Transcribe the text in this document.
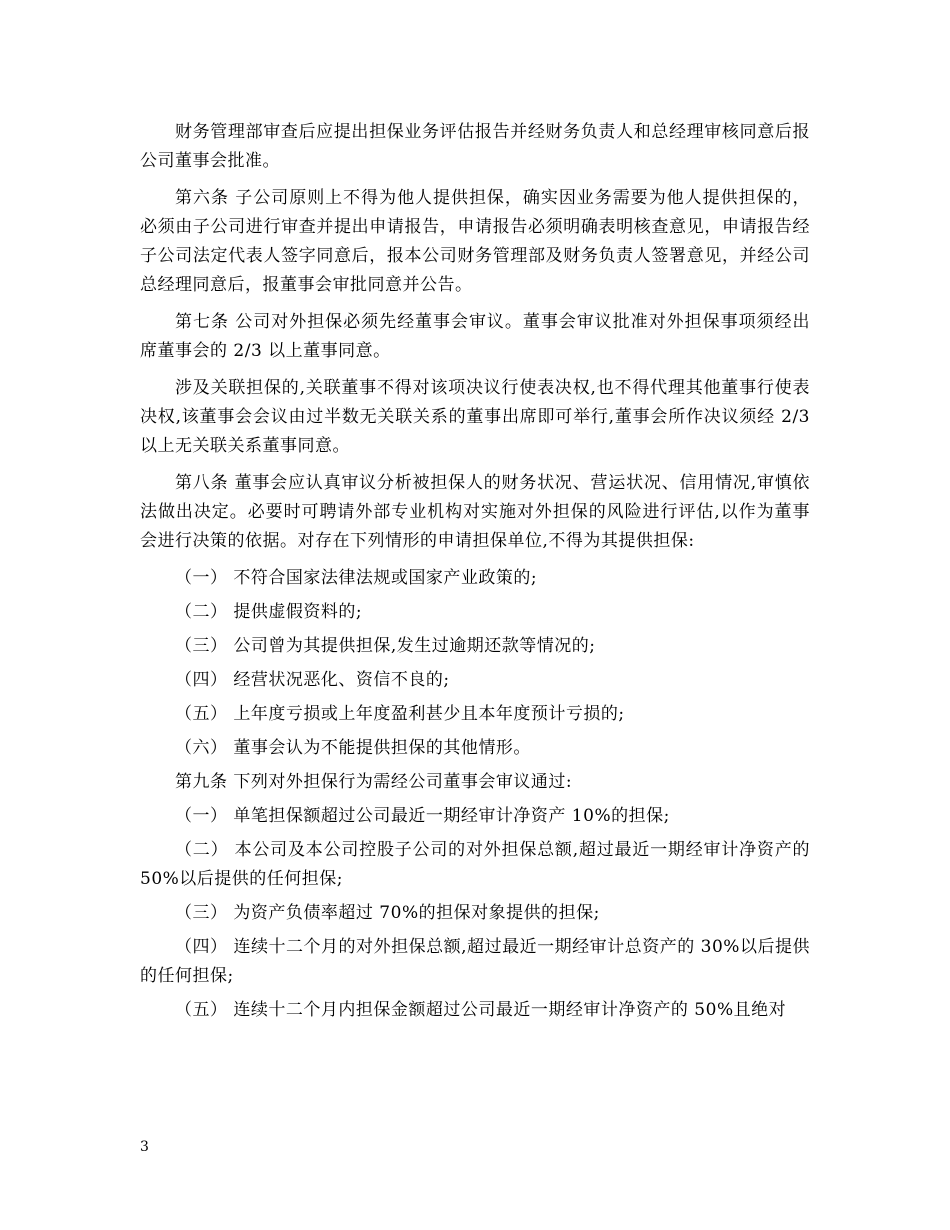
财务管理部审查后应提出担保业务评估报告并经财务负责人和总经理审核同意后报公司董事会批准。

第六条 子公司原则上不得为他人提供担保，确实因业务需要为他人提供担保的，必须由子公司进行审查并提出申请报告，申请报告必须明确表明核查意见，申请报告经子公司法定代表人签字同意后，报本公司财务管理部及财务负责人签署意见，并经公司总经理同意后，报董事会审批同意并公告。

第七条 公司对外担保必须先经董事会审议。董事会审议批准对外担保事项须经出席董事会的 2/3 以上董事同意。

涉及关联担保的,关联董事不得对该项决议行使表决权,也不得代理其他董事行使表决权,该董事会会议由过半数无关联关系的董事出席即可举行,董事会所作决议须经 2/3 以上无关联关系董事同意。

第八条 董事会应认真审议分析被担保人的财务状况、营运状况、信用情况,审慎依法做出决定。必要时可聘请外部专业机构对实施对外担保的风险进行评估,以作为董事会进行决策的依据。对存在下列情形的申请担保单位,不得为其提供担保:

（一） 不符合国家法律法规或国家产业政策的;

（二） 提供虚假资料的;

（三） 公司曾为其提供担保,发生过逾期还款等情况的;

（四） 经营状况恶化、资信不良的;

（五） 上年度亏损或上年度盈利甚少且本年度预计亏损的;

（六） 董事会认为不能提供担保的其他情形。

第九条 下列对外担保行为需经公司董事会审议通过:

（一） 单笔担保额超过公司最近一期经审计净资产 10%的担保;

（二） 本公司及本公司控股子公司的对外担保总额,超过最近一期经审计净资产的 50%以后提供的任何担保;

（三） 为资产负债率超过 70%的担保对象提供的担保;

（四） 连续十二个月的对外担保总额,超过最近一期经审计总资产的 30%以后提供的任何担保;

（五） 连续十二个月内担保金额超过公司最近一期经审计净资产的 50%且绝对

3
